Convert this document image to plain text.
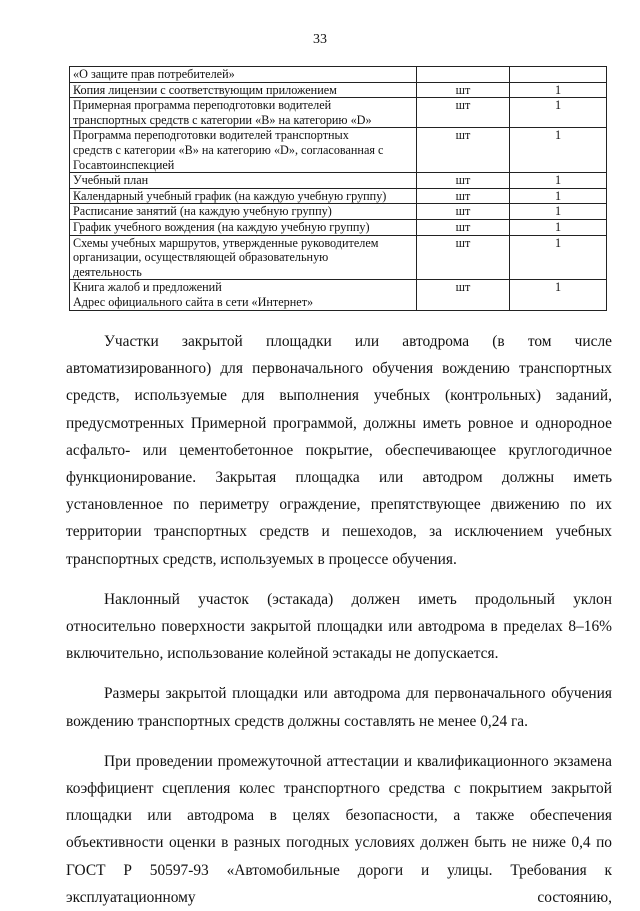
33
«О защите прав потребителей»		

Копия лицензии с соответствующим приложением	шт	1

Примерная программа переподготовки водителей
транспортных средств с категории «B» на категорию «D»	шт	1

Программа переподготовки водителей транспортных
средств с категории «B» на категорию «D», согласованная с
Госавтоинспекцией	шт	1

Учебный план	шт	1

Календарный учебный график (на каждую учебную группу)	шт	1

Расписание занятий (на каждую учебную группу)	шт	1

График учебного вождения (на каждую учебную группу)	шт	1

Схемы учебных маршрутов, утвержденные руководителем
организации, осуществляющей образовательную
деятельность	шт	1

Книга жалоб и предложений
Адрес официального сайта в сети «Интернет»	шт	1

Участки закрытой площадки или автодрома (в том числе автоматизированного) для первоначального обучения вождению транспортных средств, используемые для выполнения учебных (контрольных) заданий, предусмотренных Примерной программой, должны иметь ровное и однородное асфальто- или цементобетонное покрытие, обеспечивающее круглогодичное функционирование. Закрытая площадка или автодром должны иметь установленное по периметру ограждение, препятствующее движению по их территории транспортных средств и пешеходов, за исключением учебных транспортных средств, используемых в процессе обучения.

Наклонный участок (эстакада) должен иметь продольный уклон относительно поверхности закрытой площадки или автодрома в пределах 8–16% включительно, использование колейной эстакады не допускается.

Размеры закрытой площадки или автодрома для первоначального обучения вождению транспортных средств должны составлять не менее 0,24 га.

При проведении промежуточной аттестации и квалификационного экзамена коэффициент сцепления колес транспортного средства с покрытием закрытой площадки или автодрома в целях безопасности, а также обеспечения объективности оценки в разных погодных условиях должен быть не ниже 0,4 по ГОСТ Р 50597-93 «Автомобильные дороги и улицы. Требования к эксплуатационному состоянию,
